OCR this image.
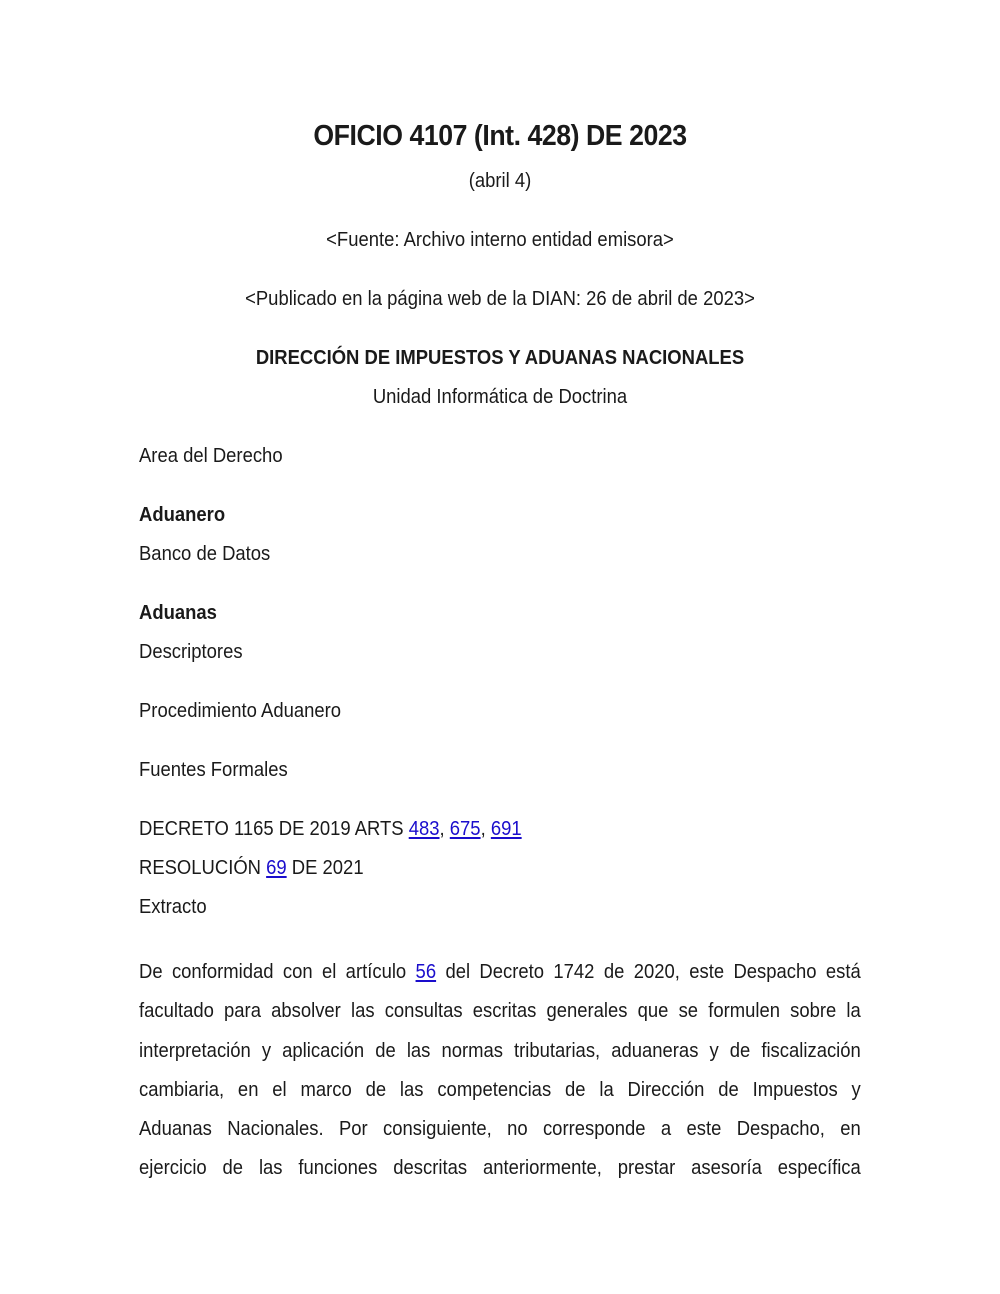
OFICIO 4107 (Int. 428) DE 2023
(abril 4)
<Fuente: Archivo interno entidad emisora>
<Publicado en la página web de la DIAN: 26 de abril de 2023>
DIRECCIÓN DE IMPUESTOS Y ADUANAS NACIONALES
Unidad Informática de Doctrina
Area del Derecho
Aduanero
Banco de Datos
Aduanas
Descriptores
Procedimiento Aduanero
Fuentes Formales
DECRETO 1165 DE 2019 ARTS 483, 675, 691
RESOLUCIÓN 69 DE 2021
Extracto
De conformidad con el artículo 56 del Decreto 1742 de 2020, este Despacho está
facultado para absolver las consultas escritas generales que se formulen sobre la
interpretación y aplicación de las normas tributarias, aduaneras y de fiscalización
cambiaria, en el marco de las competencias de la Dirección de Impuestos y
Aduanas Nacionales. Por consiguiente, no corresponde a este Despacho, en
ejercicio de las funciones descritas anteriormente, prestar asesoría específica
